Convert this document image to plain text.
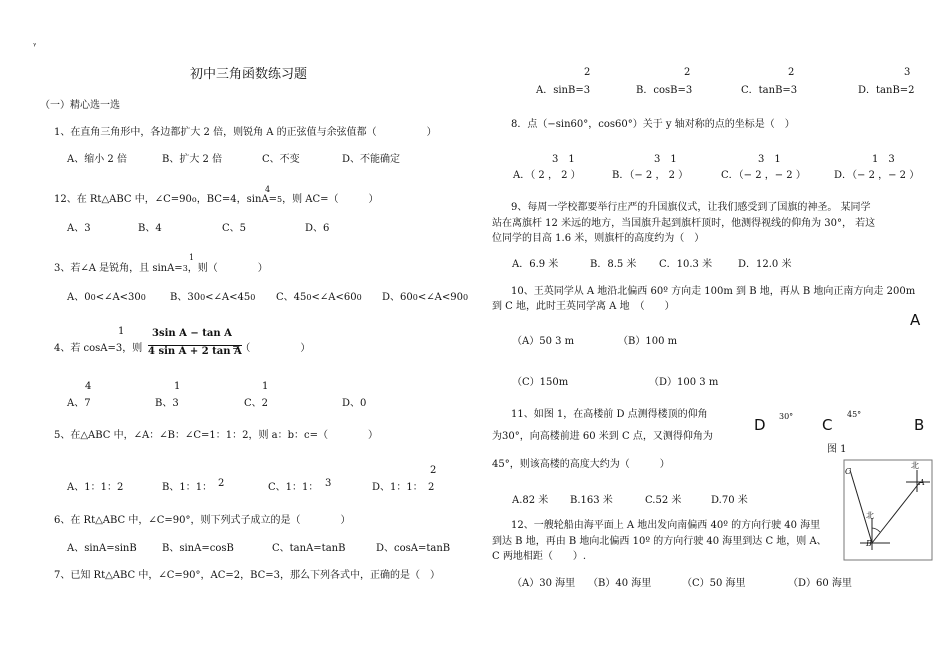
ᵞ
初中三角函数练习题
（一）精心选一选
1、在直角三角形中，各边都扩大 2 倍，则锐角 A 的正弦值与余弦值都（　　　　　）
A、缩小 2 倍	B、扩大 2 倍	C、不变	D、不能确定
4
12、在 Rt△ABC 中，∠C=90o，BC=4，sinA=5，则 AC=（　　　）
A、3	B、4	C、5	D、6
1
3、若∠A 是锐角，且 sinA=3，则（　　　　）
A、00<∠A<300 B、300<∠A<450 C、450<∠A<600 D、600<∠A<900
1	3sin A − tan A
4、若 cosA=3，则 4 sin A + 2 tan A
=（　　　　　）
4	1	1
A、7	B、3	C、2	D、0
5、在△ABC 中，∠A：∠B：∠C=1：1：2，则 a：b：c=（　　　　）
2
A、1：1：2	B、1：1： 2	C、1：1： 3	D、1：1： 2
6、在 Rt△ABC 中，∠C=90°，则下列式子成立的是（　　　　）
A、sinA=sinB	B、sinA=cosB	C、tanA=tanB	D、cosA=tanB
7、已知 Rt△ABC 中，∠C=90°，AC=2，BC=3，那么下列各式中，正确的是（　）
2	2	2	3
A．sinB=3	B．cosB=3	C．tanB=3	D．tanB=2
8．点（−sin60°，cos60°）关于 y 轴对称的点的坐标是（　）
3　1	3　1	3　1	1　3
A．（ 2 ， 2 ）	B．（− 2 ， 2 ）	C．（− 2 ，− 2 ）	D．（− 2 ，− 2 ）
9、每周一学校都要举行庄严的升国旗仪式，让我们感受到了国旗的神圣。 某同学
站在离旗杆 12 米远的地方，当国旗升起到旗杆顶时，他测得视线的仰角为 30°， 若这
位同学的目高 1.6 米，则旗杆的高度约为（　）
A．6.9 米	B．8.5 米 C．10.3 米	D．12.0 米
10、王英同学从 A 地沿北偏西 60º 方向走 100m 到 B 地，再从 B 地向正南方向走 200m
到 C 地，此时王英同学离 A 地　（　　）
（A）50 3 m	（B）100 m
（C）150m	（D）100 3 m
11、如图 1，在高楼前 D 点测得楼顶的仰角
为30°，向高楼前进 60 米到 C 点，又测得仰角为
45°，则该高楼的高度大约为（　　　）
A.82 米 B.163 米	C.52 米	D.70 米
A
30°	45°
D	C	B
图 1
12、一艘轮船由海平面上 A 地出发向南偏西 40º 的方向行驶 40 海里
到达 B 地，再由 B 地向北偏西 10º 的方向行驶 40 海里到达 C 地，则 A、
C 两地相距（　　）.
（A）30 海里 （B）40 海里	（C）50 海里	（D）60 海里
C
北
A
北
B
